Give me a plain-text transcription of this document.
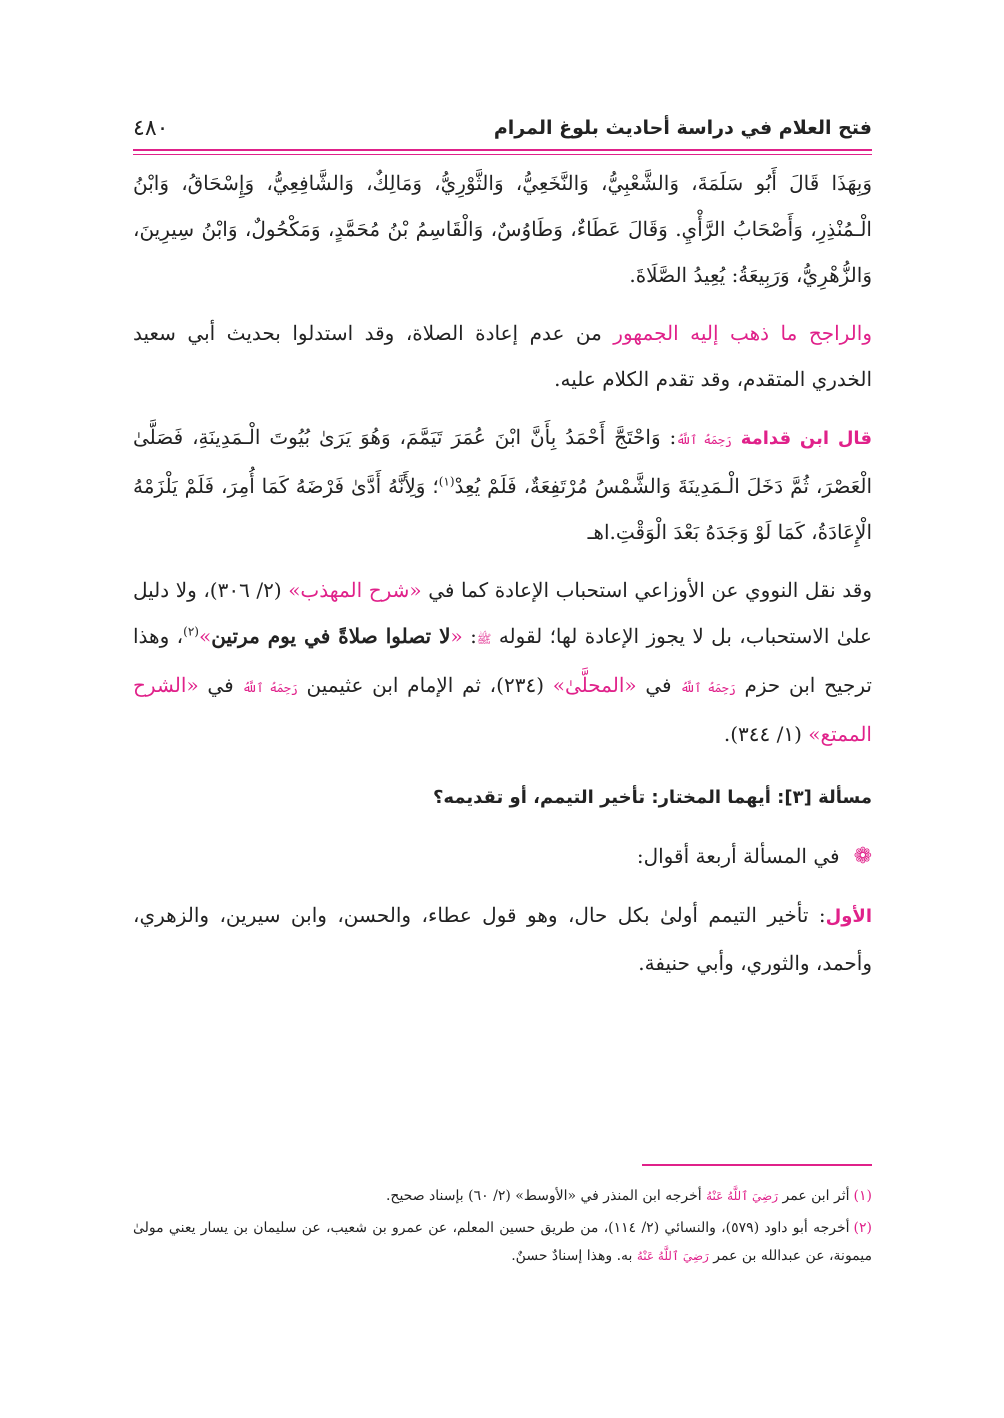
فتح العلام في دراسة أحاديث بلوغ المرام
٤٨٠

وَبِهَذَا قَالَ أَبُو سَلَمَةَ، وَالشَّعْبِيُّ، وَالنَّخَعِيُّ، وَالثَّوْرِيُّ، وَمَالِكٌ، وَالشَّافِعِيُّ، وَإِسْحَاقُ، وَابْنُ الْـمُنْذِرِ، وَأَصْحَابُ الرَّأْيِ. وَقَالَ عَطَاءٌ، وَطَاوُسٌ، وَالْقَاسِمُ بْنُ مُحَمَّدٍ، وَمَكْحُولٌ، وَابْنُ سِيرِينَ، وَالزُّهْرِيُّ، وَرَبِيعَةُ: يُعِيدُ الصَّلَاةَ.

والراجح ما ذهب إليه الجمهور من عدم إعادة الصلاة، وقد استدلوا بحديث أبي سعيد الخدري المتقدم، وقد تقدم الكلام عليه.

قال ابن قدامة رَحِمَهُ ٱللَّهُ: وَاحْتَجَّ أَحْمَدُ بِأَنَّ ابْنَ عُمَرَ تَيَمَّمَ، وَهُوَ يَرَىٰ بُيُوتَ الْـمَدِينَةِ، فَصَلَّىٰ الْعَصْرَ، ثُمَّ دَخَلَ الْـمَدِينَةَ وَالشَّمْسُ مُرْتَفِعَةٌ، فَلَمْ يُعِدْ$^{(١)}$؛ وَلِأَنَّهُ أَدَّىٰ فَرْضَهُ كَمَا أُمِرَ، فَلَمْ يَلْزَمْهُ الْإِعَادَةُ، كَمَا لَوْ وَجَدَهُ بَعْدَ الْوَقْتِ.اهـ

وقد نقل النووي عن الأوزاعي استحباب الإعادة كما في «شرح المهذب» (٢/ ٣٠٦)، ولا دليل علىٰ الاستحباب، بل لا يجوز الإعادة لها؛ لقوله ﷺ: «لا تصلوا صلاةً في يوم مرتين»$^{(٢)}$، وهذا ترجيح ابن حزم رَحِمَهُ ٱللَّهُ في «المحلَّىٰ» (٢٣٤)، ثم الإمام ابن عثيمين رَحِمَهُ ٱللَّهُ في «الشرح الممتع» (١/ ٣٤٤).

مسألة [٣]: أيهما المختار: تأخير التيمم، أو تقديمه؟

❁في المسألة أربعة أقوال:

الأول: تأخير التيمم أولىٰ بكل حال، وهو قول عطاء، والحسن، وابن سيرين، والزهري، وأحمد، والثوري، وأبي حنيفة.

(١)أثر ابن عمر رَضِيَ ٱللَّهُ عَنْهُ أخرجه ابن المنذر في «الأوسط» (٢/ ٦٠) بإسناد صحيح.

(٢)أخرجه أبو داود (٥٧٩)، والنسائي (٢/ ١١٤)، من طريق حسين المعلم، عن عمرو بن شعيب، عن سليمان بن يسار يعني مولىٰ ميمونة، عن عبدالله بن عمر رَضِيَ ٱللَّهُ عَنْهُ به. وهذا إسنادٌ حسنٌ.
